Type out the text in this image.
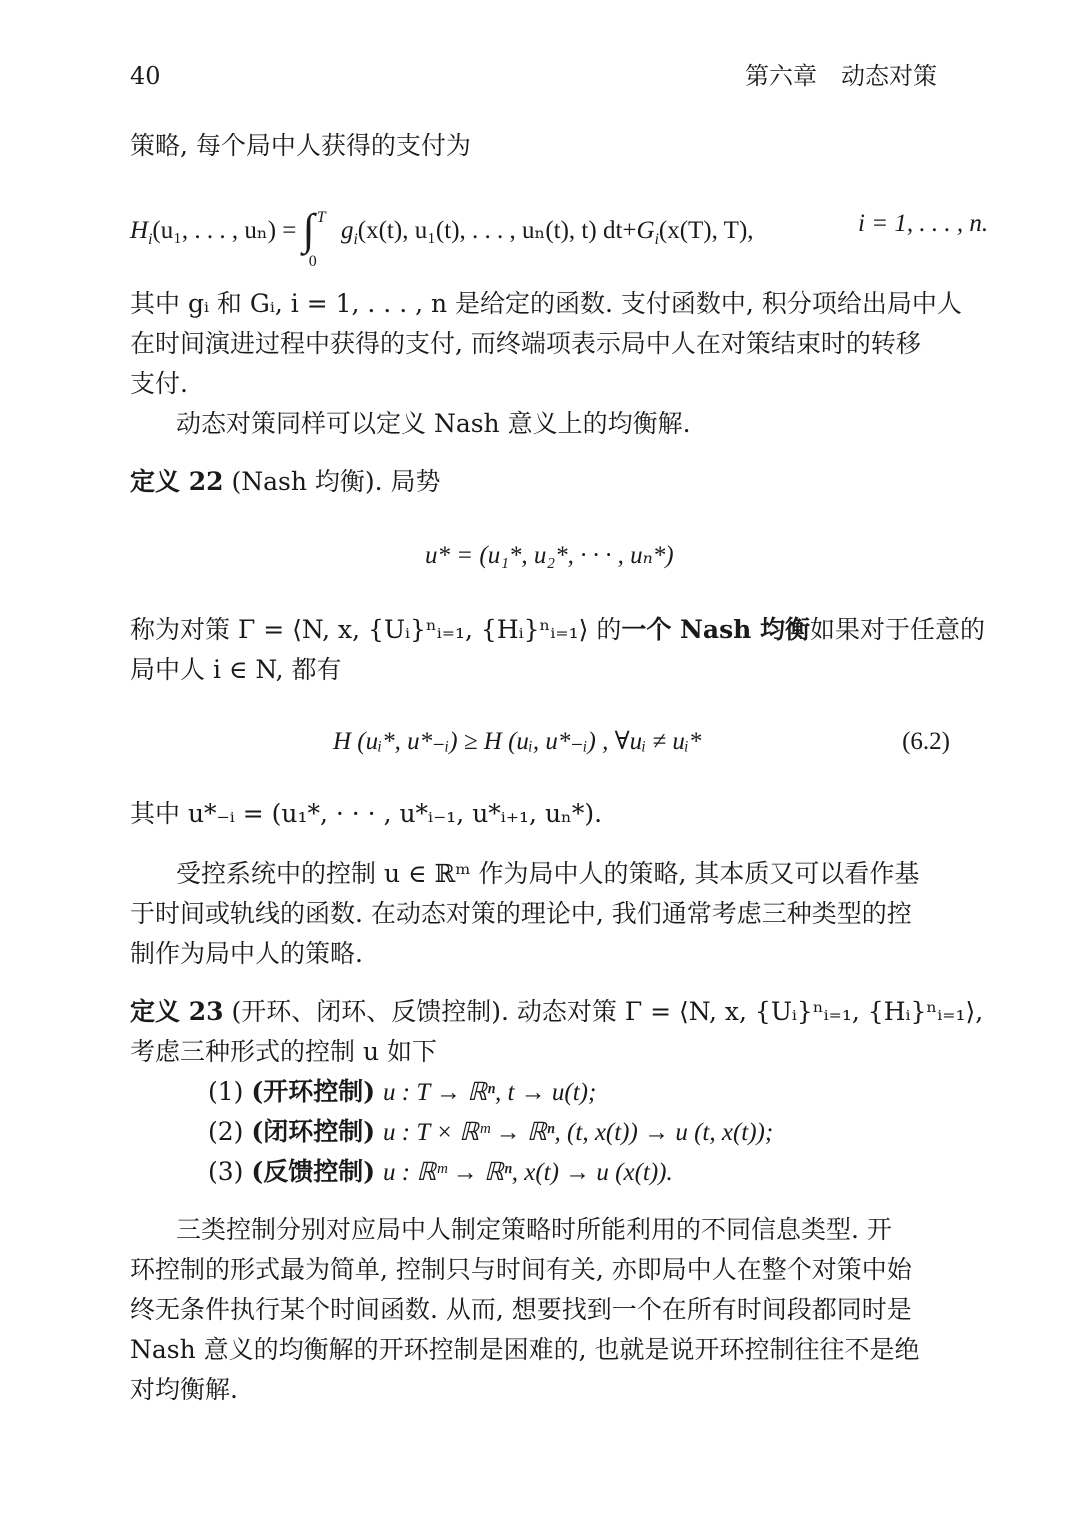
40	第六章　动态对策
策略, 每个局中人获得的支付为
$H_i(u_1$, . . . , uₙ) = ∫ T
0
$g_i(x(t)$, u₁(t), . . . , uₙ(t), t) $dt+G_i(x(T)$, T),	i = 1, . . . , n.
其中 gᵢ 和 Gᵢ, i = 1, . . . , n 是给定的函数. 支付函数中, 积分项给出局中人
在时间演进过程中获得的支付, 而终端项表示局中人在对策结束时的转移
支付.
动态对策同样可以定义 Nash 意义上的均衡解.
定义 22 (Nash 均衡). 局势
u* = (u₁*, u₂*, · · · , uₙ*)
称为对策 Γ = ⟨N, x, {Uᵢ}ⁿᵢ₌₁, {Hᵢ}ⁿᵢ₌₁⟩ 的一个 Nash 均衡如果对于任意的
局中人 i ∈ N, 都有
H (uᵢ*, u*₋ᵢ) ≥ H (uᵢ, u*₋ᵢ) , ∀uᵢ ≠ uᵢ*	(6.2)
其中 u*₋ᵢ = (u₁*, · · · , u*ᵢ₋₁, u*ᵢ₊₁, uₙ*).
受控系统中的控制 u ∈ ℝᵐ 作为局中人的策略, 其本质又可以看作基
于时间或轨线的函数. 在动态对策的理论中, 我们通常考虑三种类型的控
制作为局中人的策略.
定义 23 (开环、闭环、反馈控制). 动态对策 Γ = ⟨N, x, {Uᵢ}ⁿᵢ₌₁, {Hᵢ}ⁿᵢ₌₁⟩,
考虑三种形式的控制 u 如下
(1) (开环控制) u : T → ℝⁿ, t → u(t);
(2) (闭环控制) u : T × ℝᵐ → ℝⁿ, (t, x(t)) → u (t, x(t));
(3) (反馈控制) u : ℝᵐ → ℝⁿ, x(t) → u (x(t)).
三类控制分别对应局中人制定策略时所能利用的不同信息类型. 开
环控制的形式最为简单, 控制只与时间有关, 亦即局中人在整个对策中始
终无条件执行某个时间函数. 从而, 想要找到一个在所有时间段都同时是
Nash 意义的均衡解的开环控制是困难的, 也就是说开环控制往往不是绝
对均衡解.
